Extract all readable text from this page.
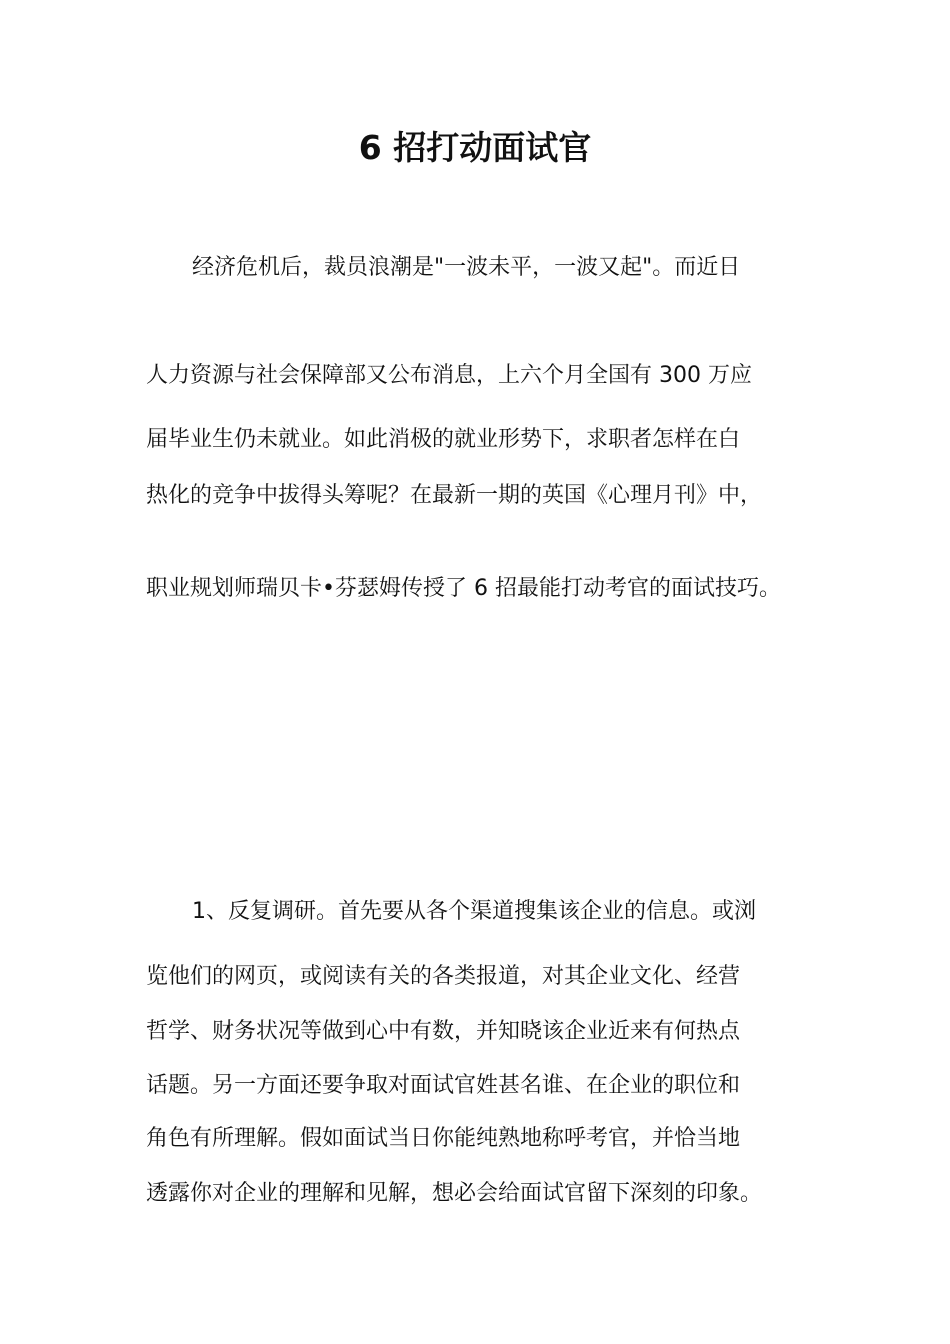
6 招打动面试官

经济危机后，裁员浪潮是"一波未平，一波又起"。而近日

人力资源与社会保障部又公布消息，上六个月全国有 300 万应

届毕业生仍未就业。如此消极的就业形势下，求职者怎样在白

热化的竞争中拔得头筹呢？在最新一期的英国《心理月刊》中，

职业规划师瑞贝卡•芬瑟姆传授了 6 招最能打动考官的面试技巧。

1、反复调研。首先要从各个渠道搜集该企业的信息。或浏

览他们的网页，或阅读有关的各类报道，对其企业文化、经营

哲学、财务状况等做到心中有数，并知晓该企业近来有何热点

话题。另一方面还要争取对面试官姓甚名谁、在企业的职位和

角色有所理解。假如面试当日你能纯熟地称呼考官，并恰当地

透露你对企业的理解和见解，想必会给面试官留下深刻的印象。
